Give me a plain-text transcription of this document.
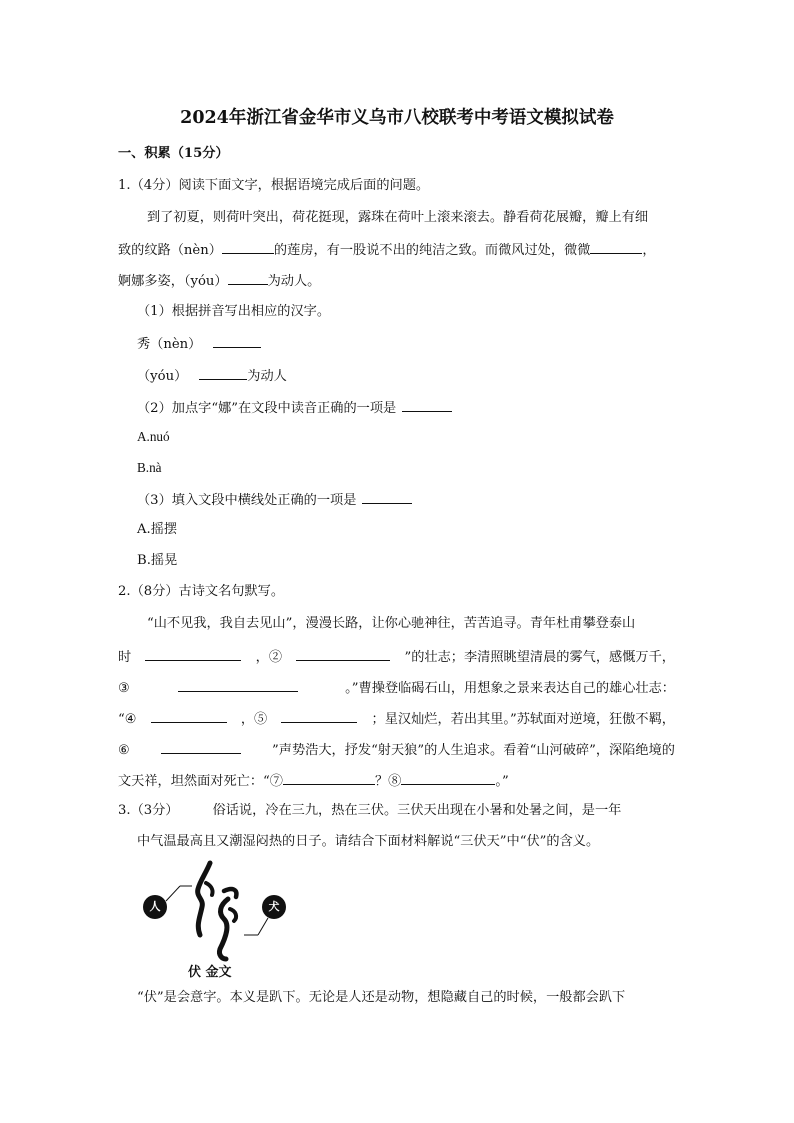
2024年浙江省金华市义乌市八校联考中考语文模拟试卷
一、积累（15分）
1.（4分）阅读下面文字，根据语境完成后面的问题。
到了初夏，则荷叶突出，荷花挺现，露珠在荷叶上滚来滚去。静看荷花展瓣，瓣上有细
致的纹路（nèn）	的莲房，有一股说不出的纯洁之致。而微风过处，微微	，
婀娜多姿，（yóu）	为动人。
（1）根据拼音写出相应的汉字。
秀（nèn）
（yóu）	为动人
（2）加点字“娜”在文段中读音正确的一项是
A.nuó
B.nà
（3）填入文段中横线处正确的一项是
A.摇摆
B.摇晃
2.（8分）古诗文名句默写。
“山不见我，我自去见山”，漫漫长路，让你心驰神往，苦苦追寻。青年杜甫攀登泰山
时	，②	”的壮志；李清照眺望清晨的雾气，感慨万千，
③	。”曹操登临碣石山，用想象之景来表达自己的雄心壮志：
“④	，⑤	；星汉灿烂，若出其里。”苏轼面对逆境，狂傲不羁，
⑥	”声势浩大，抒发“射天狼”的人生追求。看着“山河破碎”，深陷绝境的
文天祥，坦然面对死亡：“⑦	？⑧	。”
3.（3分）	俗话说，冷在三九，热在三伏。三伏天出现在小暑和处暑之间，是一年
中气温最高且又潮湿闷热的日子。请结合下面材料解说“三伏天”中“伏”的含义。
人	犬
伏 金文
“伏”是会意字。本义是趴下。无论是人还是动物，想隐藏自己的时候，一般都会趴下
